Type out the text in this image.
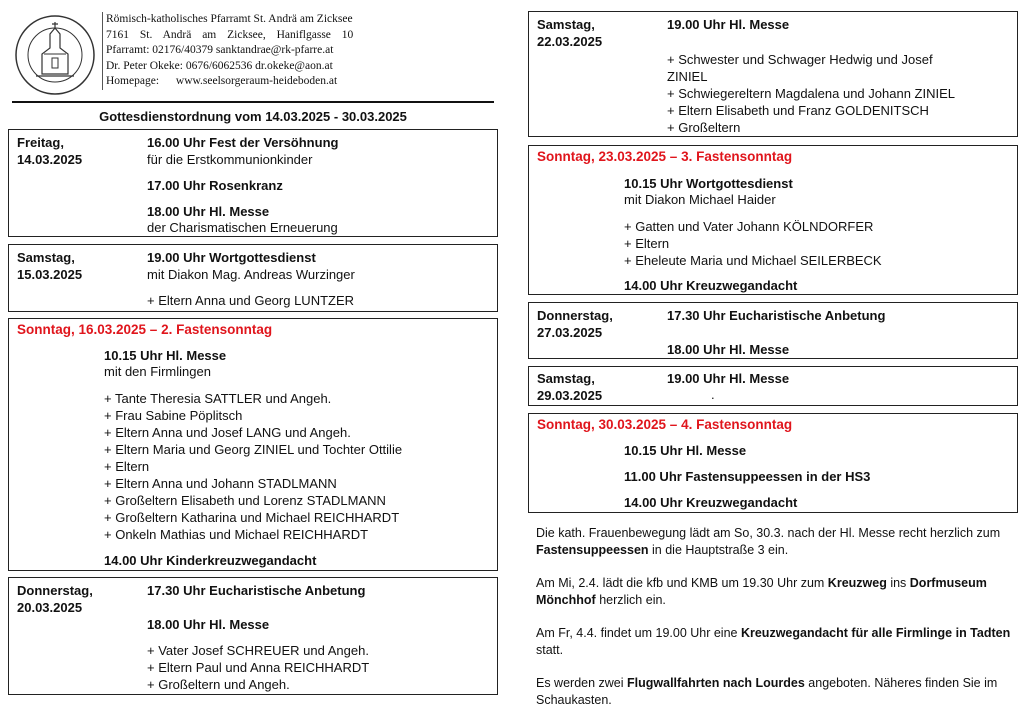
Römisch-katholisches Pfarramt St. Andrä am Zicksee
7161 St. Andrä am Zicksee, Haniflgasse 10
Pfarramt: 02176/40379 sanktandrae@rk-pfarre.at
Dr. Peter Okeke: 0676/6062536 dr.okeke@aon.at
Homepage: www.seelsorgeraum-heideboden.at
Gottesdienstordnung vom 14.03.2025 - 30.03.2025
Freitag,
14.03.2025
16.00 Uhr Fest der Versöhnung
für die Erstkommunionkinder
17.00 Uhr Rosenkranz
18.00 Uhr Hl. Messe
der Charismatischen Erneuerung
Samstag,
15.03.2025
19.00 Uhr Wortgottesdienst
mit Diakon Mag. Andreas Wurzinger
+ Eltern Anna und Georg LUNTZER
Sonntag, 16.03.2025 – 2. Fastensonntag
10.15 Uhr Hl. Messe
mit den Firmlingen
+ Tante Theresia SATTLER und Angeh.
+ Frau Sabine Pöplitsch
+ Eltern Anna und Josef LANG und Angeh.
+ Eltern Maria und Georg ZINIEL und Tochter Ottilie
+ Eltern
+ Eltern Anna und Johann STADLMANN
+ Großeltern Elisabeth und Lorenz STADLMANN
+ Großeltern Katharina und Michael REICHHARDT
+ Onkeln Mathias und Michael REICHHARDT
14.00 Uhr Kinderkreuzwegandacht
Donnerstag,
20.03.2025
17.30 Uhr Eucharistische Anbetung
18.00 Uhr Hl. Messe
+ Vater Josef SCHREUER und Angeh.
+ Eltern Paul und Anna REICHHARDT
+ Großeltern und Angeh.
Samstag,
22.03.2025
19.00 Uhr Hl. Messe
+ Schwester und Schwager Hedwig und Josef
ZINIEL
+ Schwiegereltern Magdalena und Johann ZINIEL
+ Eltern Elisabeth und Franz GOLDENITSCH
+ Großeltern
Sonntag, 23.03.2025 – 3. Fastensonntag
10.15 Uhr Wortgottesdienst
mit Diakon Michael Haider
+ Gatten und Vater Johann KÖLNDORFER
+ Eltern
+ Eheleute Maria und Michael SEILERBECK
14.00 Uhr Kreuzwegandacht
Donnerstag,
27.03.2025
17.30 Uhr Eucharistische Anbetung
18.00 Uhr Hl. Messe
Samstag,
29.03.2025
19.00 Uhr Hl. Messe
.
Sonntag, 30.03.2025 – 4. Fastensonntag
10.15 Uhr Hl. Messe
11.00 Uhr Fastensuppeessen in der HS3
14.00 Uhr Kreuzwegandacht

Die kath. Frauenbewegung lädt am So, 30.3. nach der Hl. Messe recht herzlich zum Fastensuppeessen in die Hauptstraße 3 ein.

Am Mi, 2.4. lädt die kfb und KMB um 19.30 Uhr zum Kreuzweg ins Dorfmuseum Mönchhof herzlich ein.

Am Fr, 4.4. findet um 19.00 Uhr eine Kreuzwegandacht für alle Firmlinge in Tadten statt.

Es werden zwei Flugwallfahrten nach Lourdes angeboten. Näheres finden Sie im Schaukasten.
